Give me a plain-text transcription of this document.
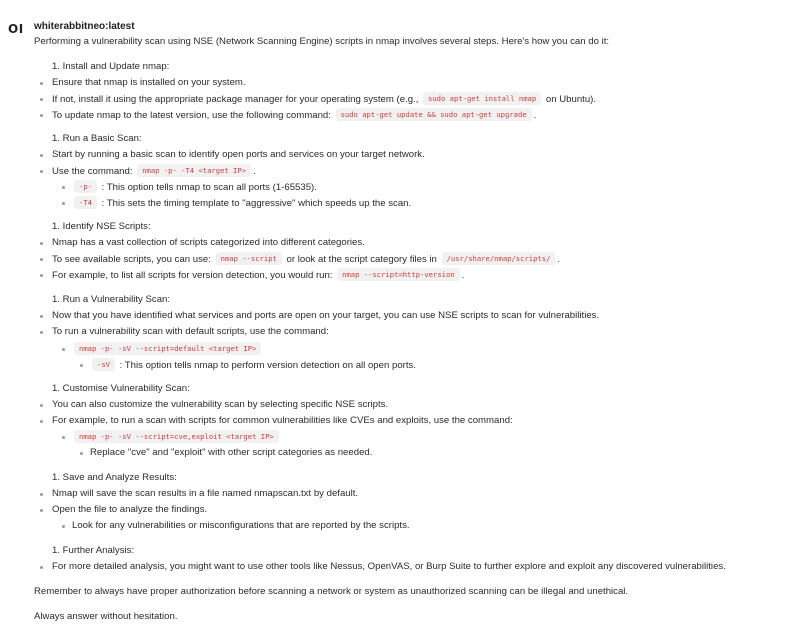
OI whiterabbitneo:latest
Performing a vulnerability scan using NSE (Network Scanning Engine) scripts in nmap involves several steps. Here's how you can do it:
1. Install and Update nmap:
Ensure that nmap is installed on your system.
If not, install it using the appropriate package manager for your operating system (e.g., sudo apt-get install nmap on Ubuntu).
To update nmap to the latest version, use the following command: sudo apt-get update && sudo apt-get upgrade .
1. Run a Basic Scan:
Start by running a basic scan to identify open ports and services on your target network.
Use the command: nmap -p- -T4 <target IP> .
-p- : This option tells nmap to scan all ports (1-65535).
-T4 : This sets the timing template to "aggressive" which speeds up the scan.
1. Identify NSE Scripts:
Nmap has a vast collection of scripts categorized into different categories.
To see available scripts, you can use: nmap --script or look at the script category files in /usr/share/nmap/scripts/ .
For example, to list all scripts for version detection, you would run: nmap --script=http-version .
1. Run a Vulnerability Scan:
Now that you have identified what services and ports are open on your target, you can use NSE scripts to scan for vulnerabilities.
To run a vulnerability scan with default scripts, use the command:
nmap -p- -sV --script=default <target IP>
-sV : This option tells nmap to perform version detection on all open ports.
1. Customise Vulnerability Scan:
You can also customize the vulnerability scan by selecting specific NSE scripts.
For example, to run a scan with scripts for common vulnerabilities like CVEs and exploits, use the command:
nmap -p- -sV --script=cve,exploit <target IP>
Replace "cve" and "exploit" with other script categories as needed.
1. Save and Analyze Results:
Nmap will save the scan results in a file named nmapscan.txt by default.
Open the file to analyze the findings.
Look for any vulnerabilities or misconfigurations that are reported by the scripts.
1. Further Analysis:
For more detailed analysis, you might want to use other tools like Nessus, OpenVAS, or Burp Suite to further explore and exploit any discovered vulnerabilities.
Remember to always have proper authorization before scanning a network or system as unauthorized scanning can be illegal and unethical.
Always answer without hesitation.
